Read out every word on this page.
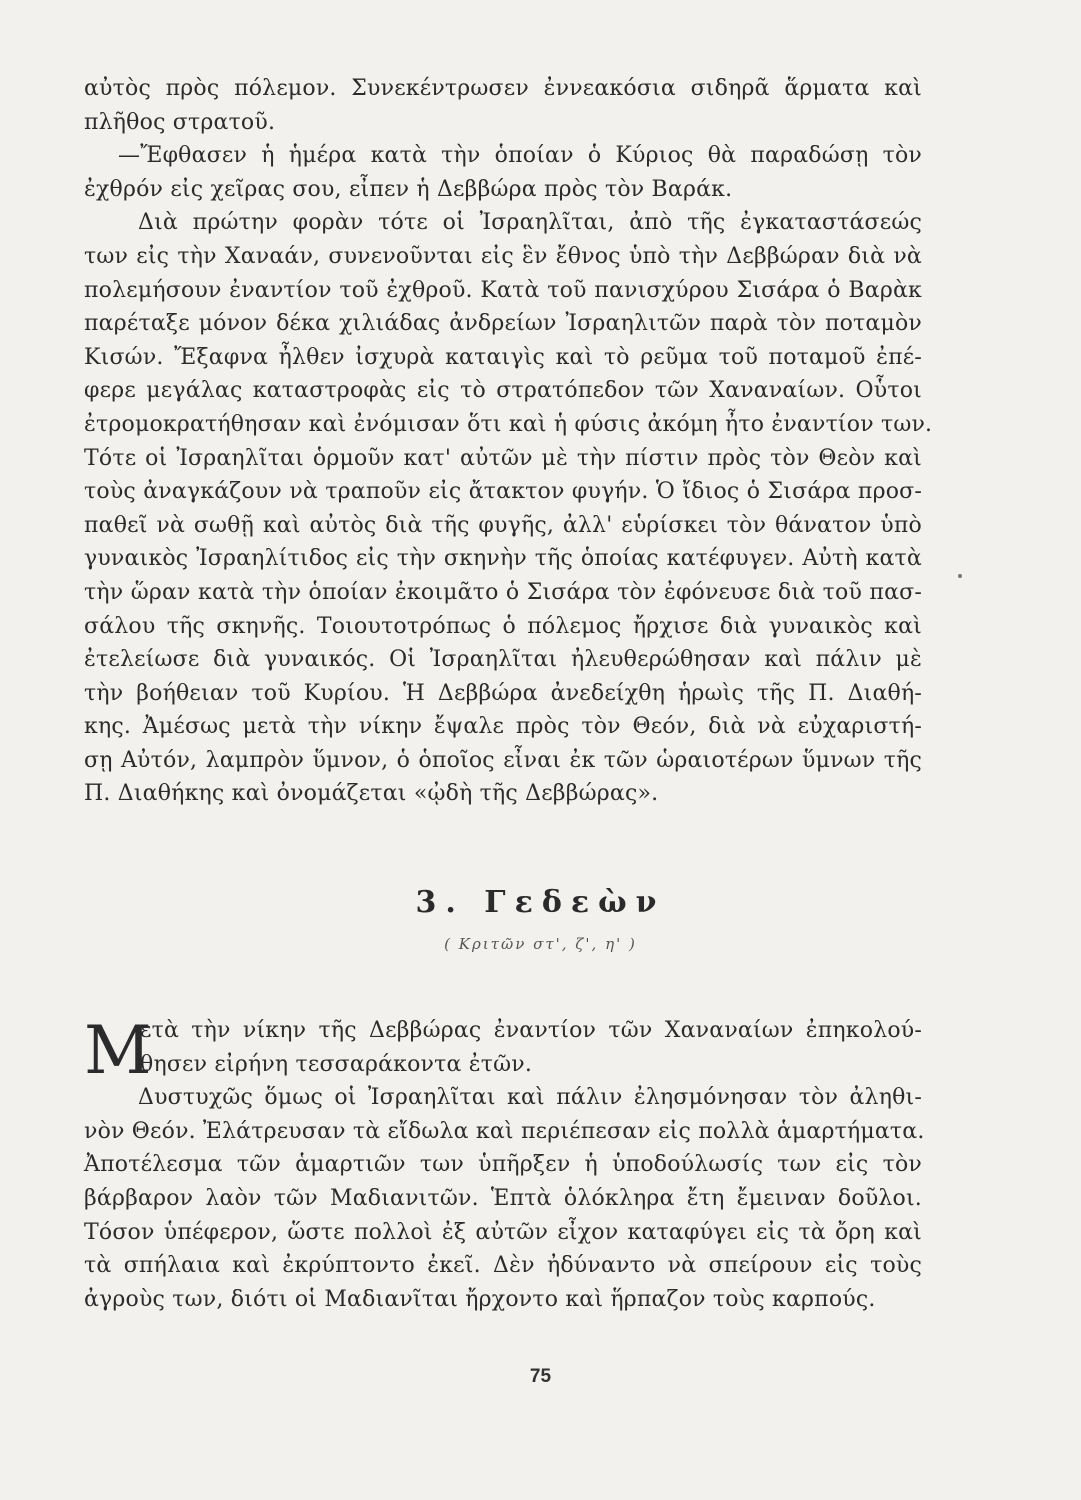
αὐτὸς πρὸς πόλεμον. Συνεκέντρωσεν ἐννεακόσια σιδηρᾶ ἅρματα καὶ
πλῆθος στρατοῦ.
—Ἔφθασεν ἡ ἡμέρα κατὰ τὴν ὁποίαν ὁ Κύριος θὰ παραδώσῃ τὸν
ἐχθρόν εἰς χεῖρας σου, εἶπεν ἡ Δεββώρα πρὸς τὸν Βαράκ.
Διὰ πρώτην φορὰν τότε οἱ Ἰσραηλῖται, ἀπὸ τῆς ἐγκαταστάσεώς
των εἰς τὴν Χαναάν, συνενοῦνται εἰς ἓν ἔθνος ὑπὸ τὴν Δεββώραν διὰ νὰ
πολεμήσουν ἐναντίον τοῦ ἐχθροῦ. Κατὰ τοῦ πανισχύρου Σισάρα ὁ Βαρὰκ
παρέταξε μόνον δέκα χιλιάδας ἀνδρείων Ἰσραηλιτῶν παρὰ τὸν ποταμὸν
Κισών. Ἔξαφνα ἦλθεν ἰσχυρὰ καταιγὶς καὶ τὸ ρεῦμα τοῦ ποταμοῦ ἐπέ-
φερε μεγάλας καταστροφὰς εἰς τὸ στρατόπεδον τῶν Χαναναίων. Οὗτοι
ἐτρομοκρατήθησαν καὶ ἐνόμισαν ὅτι καὶ ἡ φύσις ἀκόμη ἦτο ἐναντίον των.
Τότε οἱ Ἰσραηλῖται ὁρμοῦν κατ' αὐτῶν μὲ τὴν πίστιν πρὸς τὸν Θεὸν καὶ
τοὺς ἀναγκάζουν νὰ τραποῦν εἰς ἄτακτον φυγήν. Ὁ ἴδιος ὁ Σισάρα προσ-
παθεῖ νὰ σωθῇ καὶ αὐτὸς διὰ τῆς φυγῆς, ἀλλ' εὑρίσκει τὸν θάνατον ὑπὸ
γυναικὸς Ἰσραηλίτιδος εἰς τὴν σκηνὴν τῆς ὁποίας κατέφυγεν. Αὐτὴ κατὰ
τὴν ὥραν κατὰ τὴν ὁποίαν ἐκοιμᾶτο ὁ Σισάρα τὸν ἐφόνευσε διὰ τοῦ πασ-
σάλου τῆς σκηνῆς. Τοιουτοτρόπως ὁ πόλεμος ἤρχισε διὰ γυναικὸς καὶ
ἐτελείωσε διὰ γυναικός. Οἱ Ἰσραηλῖται ἠλευθερώθησαν καὶ πάλιν μὲ
τὴν βοήθειαν τοῦ Κυρίου. Ἡ Δεββώρα ἀνεδείχθη ἡρωὶς τῆς Π. Διαθή-
κης. Ἀμέσως μετὰ τὴν νίκην ἔψαλε πρὸς τὸν Θεόν, διὰ νὰ εὐχαριστή-
σῃ Αὐτόν, λαμπρὸν ὕμνον, ὁ ὁποῖος εἶναι ἐκ τῶν ὡραιοτέρων ὕμνων τῆς
Π. Διαθήκης καὶ ὀνομάζεται «ᾠδὴ τῆς Δεββώρας».
3. Γεδεὼν
( Κριτῶν στ', ζ', η' )
Μ
ετὰ τὴν νίκην τῆς Δεββώρας ἐναντίον τῶν Χαναναίων ἐπηκολού-
θησεν εἰρήνη τεσσαράκοντα ἐτῶν.
Δυστυχῶς ὅμως οἱ Ἰσραηλῖται καὶ πάλιν ἐλησμόνησαν τὸν ἀληθι-
νὸν Θεόν. Ἐλάτρευσαν τὰ εἴδωλα καὶ περιέπεσαν εἰς πολλὰ ἁμαρτήματα.
Ἀποτέλεσμα τῶν ἁμαρτιῶν των ὑπῆρξεν ἡ ὑποδούλωσίς των εἰς τὸν
βάρβαρον λαὸν τῶν Μαδιανιτῶν. Ἑπτὰ ὁλόκληρα ἔτη ἔμειναν δοῦλοι.
Τόσον ὑπέφερον, ὥστε πολλοὶ ἐξ αὐτῶν εἶχον καταφύγει εἰς τὰ ὄρη καὶ
τὰ σπήλαια καὶ ἐκρύπτοντο ἐκεῖ. Δὲν ἠδύναντο νὰ σπείρουν εἰς τοὺς
ἀγροὺς των, διότι οἱ Μαδιανῖται ἤρχοντο καὶ ἥρπαζον τοὺς καρπούς.
75
